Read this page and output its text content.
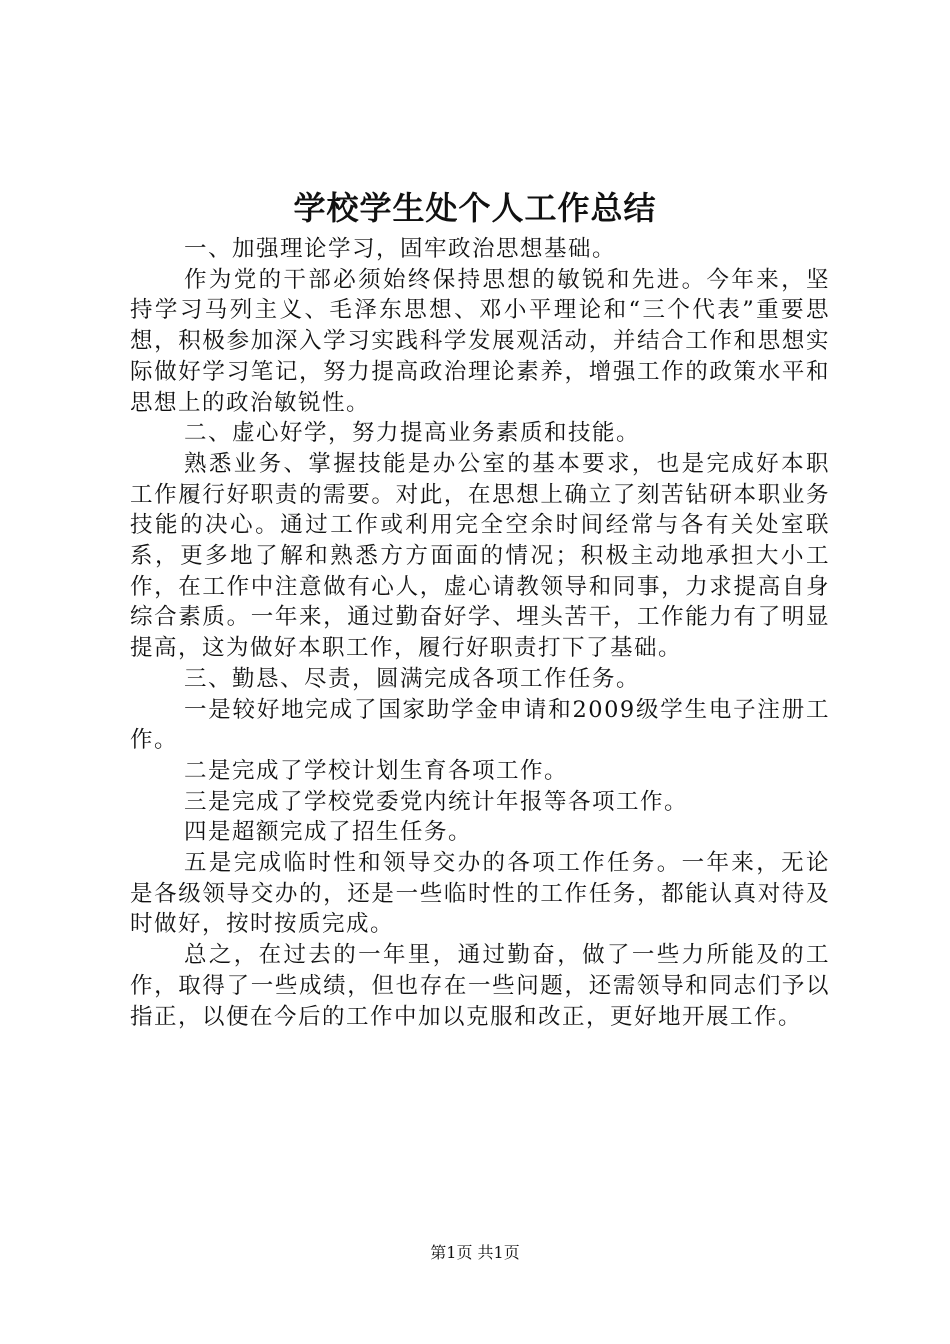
学校学生处个人工作总结

一、加强理论学习，固牢政治思想基础。

作为党的干部必须始终保持思想的敏锐和先进。今年来，坚持学习马列主义、毛泽东思想、邓小平理论和“三个代表”重要思想，积极参加深入学习实践科学发展观活动，并结合工作和思想实际做好学习笔记，努力提高政治理论素养，增强工作的政策水平和思想上的政治敏锐性。

二、虚心好学，努力提高业务素质和技能。

熟悉业务、掌握技能是办公室的基本要求，也是完成好本职工作履行好职责的需要。对此，在思想上确立了刻苦钻研本职业务技能的决心。通过工作或利用完全空余时间经常与各有关处室联系，更多地了解和熟悉方方面面的情况；积极主动地承担大小工作，在工作中注意做有心人，虚心请教领导和同事，力求提高自身综合素质。一年来，通过勤奋好学、埋头苦干，工作能力有了明显提高，这为做好本职工作，履行好职责打下了基础。

三、勤恳、尽责，圆满完成各项工作任务。

一是较好地完成了国家助学金申请和2009级学生电子注册工作。

二是完成了学校计划生育各项工作。

三是完成了学校党委党内统计年报等各项工作。

四是超额完成了招生任务。

五是完成临时性和领导交办的各项工作任务。一年来，无论是各级领导交办的，还是一些临时性的工作任务，都能认真对待及时做好，按时按质完成。

总之，在过去的一年里，通过勤奋，做了一些力所能及的工作，取得了一些成绩，但也存在一些问题，还需领导和同志们予以指正，以便在今后的工作中加以克服和改正，更好地开展工作。

第1页 共1页
